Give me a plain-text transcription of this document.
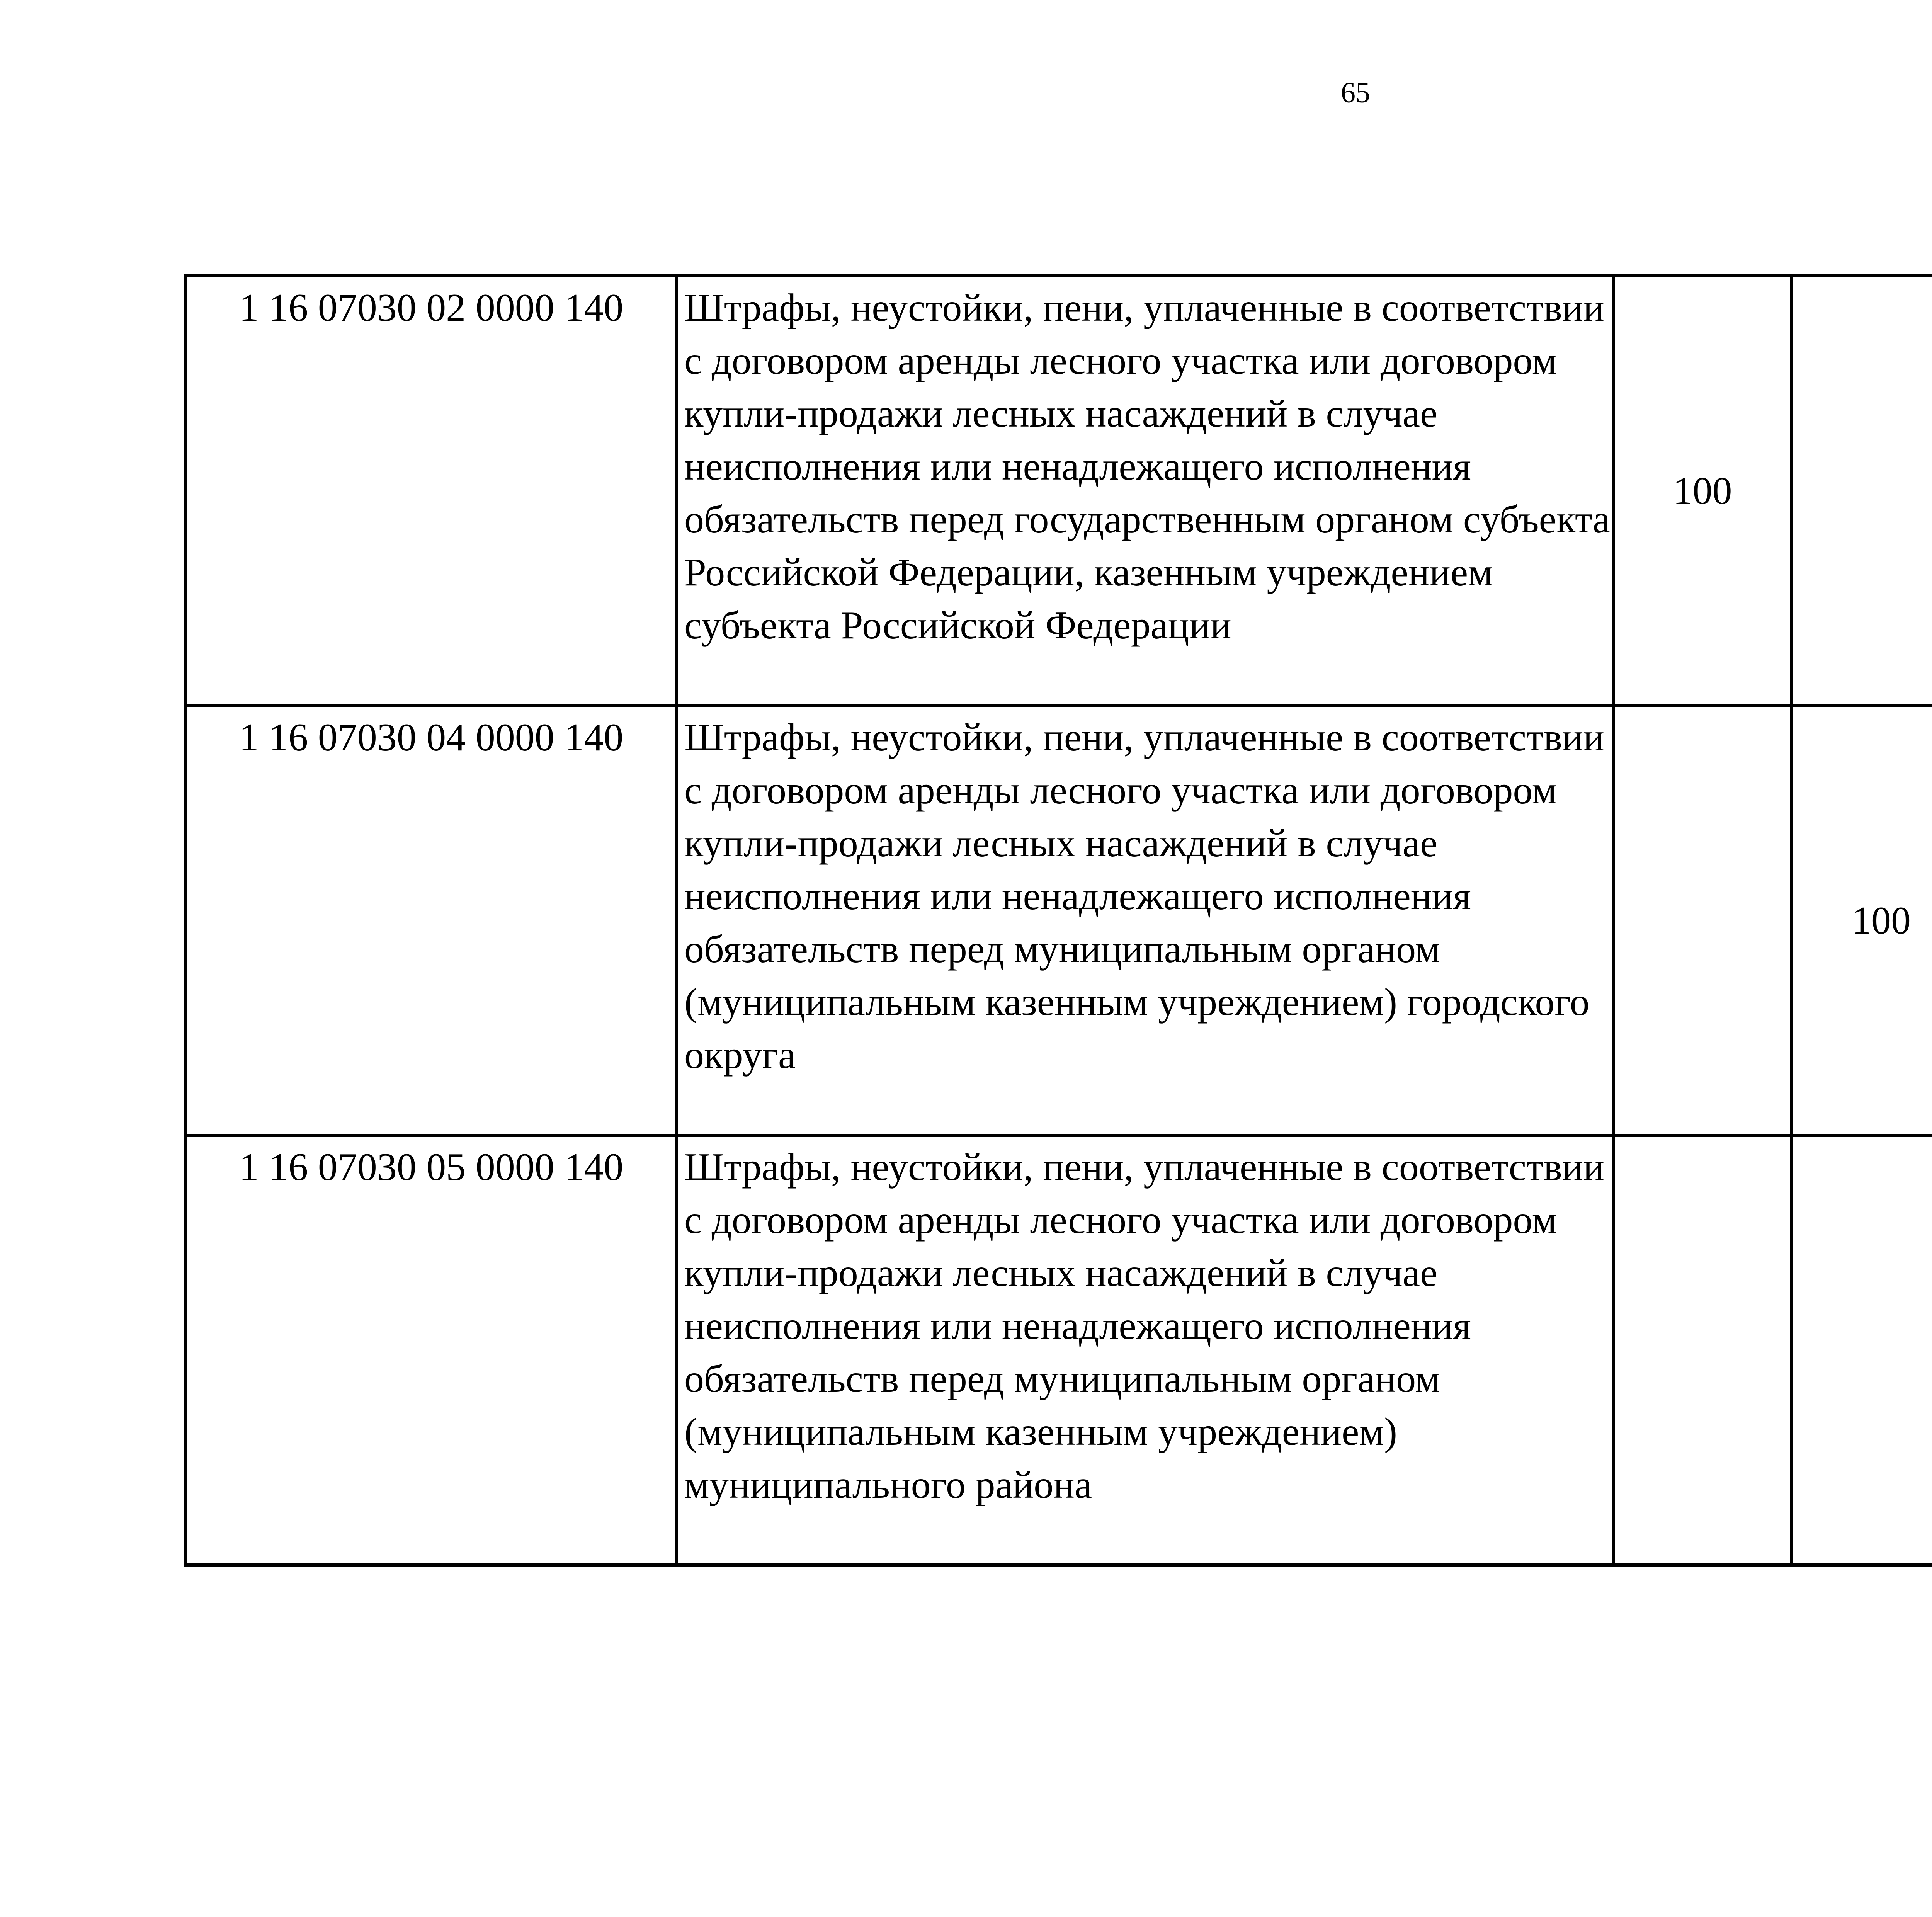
65
1 16 07030 02 0000 140	Штрафы, неустойки, пени, уплаченные в соответствии с договором аренды лесного участка или договором купли-продажи лесных насаждений в случае неисполнения или ненадлежащего исполнения обязательств перед государственным органом субъекта Российской Федерации, казенным учреждением субъекта Российской Федерации	100				
1 16 07030 04 0000 140	Штрафы, неустойки, пени, уплаченные в соответствии с договором аренды лесного участка или договором купли-продажи лесных насаждений в случае неисполнения или ненадлежащего исполнения обязательств перед муниципальным органом (муниципальным казенным учреждением) городского округа		100			
1 16 07030 05 0000 140	Штрафы, неустойки, пени, уплаченные в соответствии с договором аренды лесного участка или договором купли-продажи лесных насаждений в случае неисполнения или ненадлежащего исполнения обязательств перед муниципальным органом (муниципальным казенным учреждением) муниципального района					
